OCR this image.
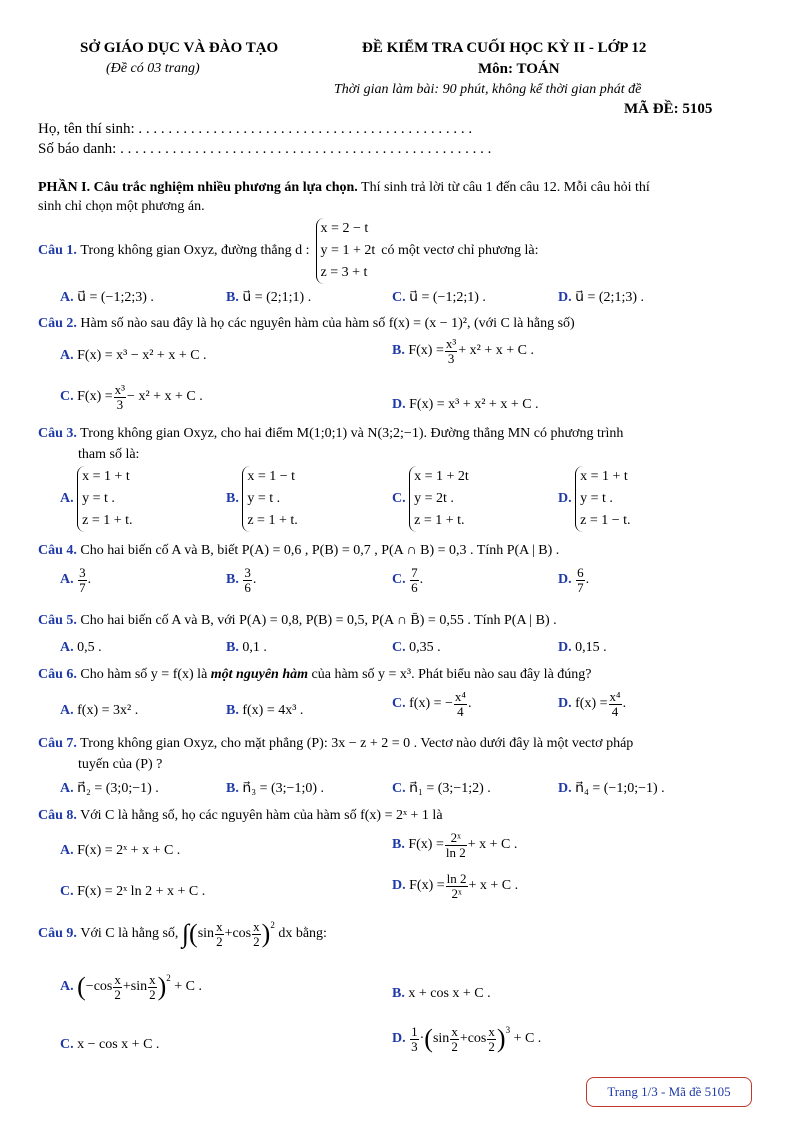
SỞ GIÁO DỤC VÀ ĐÀO TẠO
(Đề có 03 trang)
ĐỀ KIỂM TRA CUỐI HỌC KỲ II - LỚP 12
Môn: TOÁN
Thời gian làm bài: 90 phút, không kể thời gian phát đề
MÃ ĐỀ: 5105
Họ, tên thí sinh: . . . . . . . . . . . . . . . . . . . . . . . . . . . . . . . . . . . . . . . . . . . . .
Số báo danh: . . . . . . . . . . . . . . . . . . . . . . . . . . . . . . . . . . . . . . . . . . . . . . . . . .
PHẦN I. Câu trắc nghiệm nhiều phương án lựa chọn. Thí sinh trả lời từ câu 1 đến câu 12. Mỗi câu hỏi thí
sinh chỉ chọn một phương án.
Câu 1.
Trong không gian Oxyz, đường thẳng d :
x = 2 − t
y = 1 + 2t
z = 3 + t
có một vectơ chỉ phương là:
A. u⃗ = (−1;2;3) .	B. u⃗ = (2;1;1) .	C. u⃗ = (−1;2;1) .	D. u⃗ = (2;1;3) .
Câu 2. Hàm số nào sau đây là họ các nguyên hàm của hàm số f(x) = (x − 1)², (với C là hằng số)
A. F(x) = x³ − x² + x + C .	B.
$F(x) = \frac{\text{x³}}{3} + x^2 + x + C$ .
C.
$F(x) = \frac{\text{x³}}{3} - x^2 + x + C$ .
D. F(x) = x³ + x² + x + C .
Câu 3. Trong không gian Oxyz, cho hai điểm M(1;0;1) và N(3;2;−1). Đường thẳng MN có phương trình
tham số là:
A.

x = 1 + t
y = t .
z = 1 + t.
B.

x = 1 − t
y = t .
z = 1 + t.
C.

x = 1 + 2t
y = 2t .
z = 1 + t.
D.

x = 1 + t
y = t .
z = 1 − t.
Câu 4. Cho hai biến cố A và B, biết P(A) = 0,6 , P(B) = 0,7 , P(A ∩ B) = 0,3 . Tính P(A | B) .
A.
$\frac{3}{7}$ .	B.
$\frac{3}{6}$ .	C.
$\frac{7}{6}$ .	D.
$\frac{6}{7}$ .
Câu 5. Cho hai biến cố A và B, với P(A) = 0,8, P(B) = 0,5, P(A ∩ B̄) = 0,55 . Tính P(A | B) .
A. 0,5 .	B. 0,1 .	C. 0,35 .	D. 0,15 .
Câu 6. Cho hàm số y = f(x) là một nguyên hàm của hàm số y = x³. Phát biểu nào sau đây là đúng?
A. f(x) = 3x² .	B. f(x) = 4x³ .	C.
f(x) = − $\frac{\text{x⁴}}{4}$ .	D.
$f(x) = \frac{\text{x⁴}}{4}$ .
Câu 7. Trong không gian Oxyz, cho mặt phẳng (P): 3x − z + 2 = 0 . Vectơ nào dưới đây là một vectơ pháp
tuyến của (P) ?
A. n⃗₂ = (3;0;−1) .	B. n⃗₃ = (3;−1;0) .	C. n⃗₁ = (3;−1;2) .	D. n⃗₄ = (−1;0;−1) .
Câu 8. Với C là hằng số, họ các nguyên hàm của hàm số f(x) = 2ˣ + 1 là
A. F(x) = 2ˣ + x + C .	B.
$F(x) = \frac{\text{2ˣ}}{\ln 2} + x + C$ .
C. F(x) = 2ˣ ln 2 + x + C .	D.
$F(x) = \frac{\ln 2}{\text{2ˣ}} + x + C$ .
Câu 9.
Với C là hằng số,
∫ ( $\sin \frac{x}{2} + \cos \frac{x}{2} )^2$

dx bằng:
A.
( $-\cos \frac{x}{2} + \sin \frac{x}{2} )^2$

+ C .	B. x + cos x + C .
C. x − cos x + C .	D.
$\frac{1}{3}$ · ( $\sin \frac{x}{2} + \cos \frac{x}{2} )^3$

+ C .
Trang 1/3 - Mã đề 5105
